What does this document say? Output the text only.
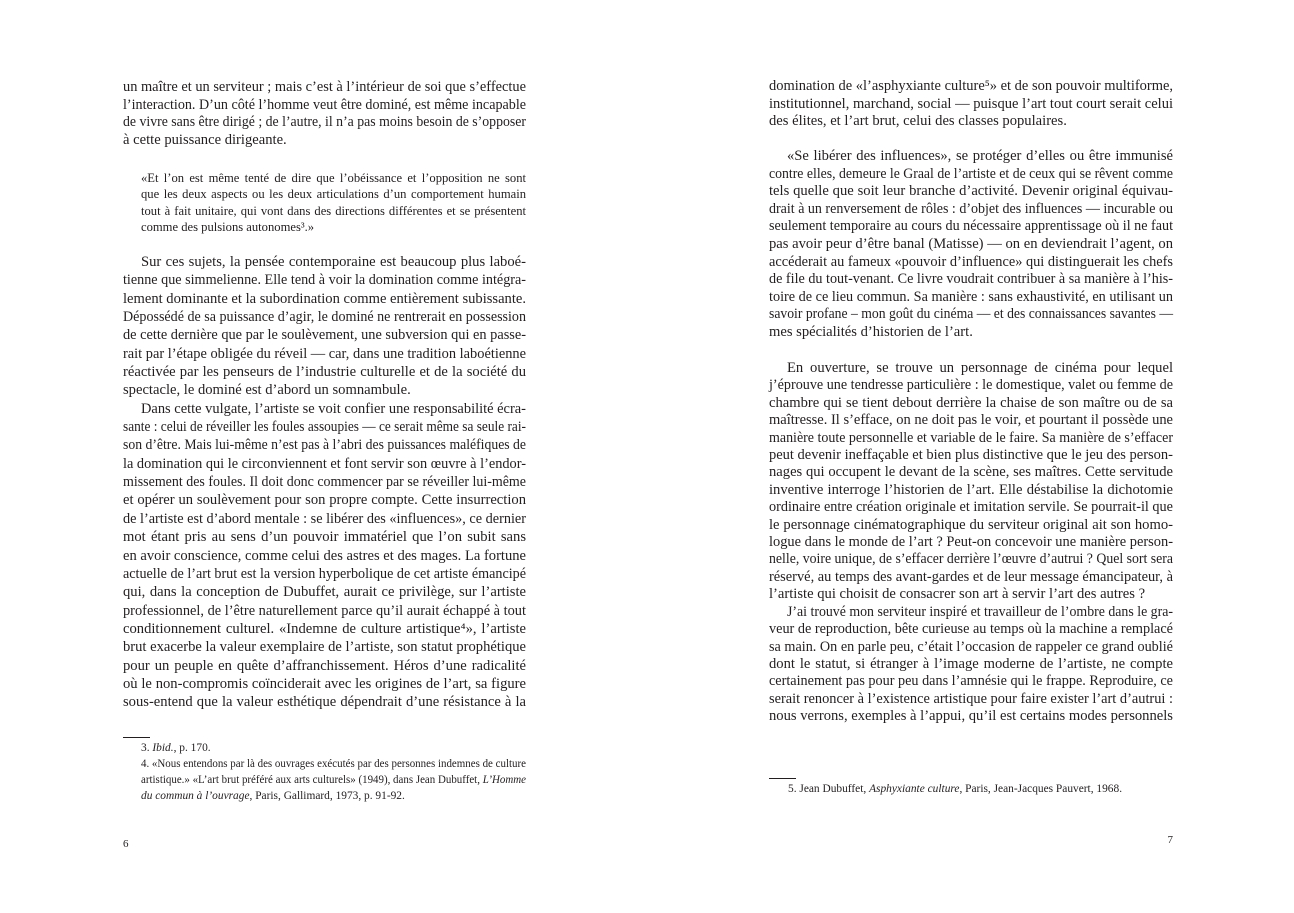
un maître et un serviteur ; mais c’est à l’intérieur de soi que s’effectue
l’interaction. D’un côté l’homme veut être dominé, est même incapable
de vivre sans être dirigé ; de l’autre, il n’a pas moins besoin de s’opposer
à cette puissance dirigeante.
«Et l’on est même tenté de dire que l’obéissance et l’opposition ne sont
que les deux aspects ou les deux articulations d’un comportement humain
tout à fait unitaire, qui vont dans des directions différentes et se présentent
comme des pulsions autonomes³.»
Sur ces sujets, la pensée contemporaine est beaucoup plus laboé-
tienne que simmelienne. Elle tend à voir la domination comme intégra-
lement dominante et la subordination comme entièrement subissante.
Dépossédé de sa puissance d’agir, le dominé ne rentrerait en possession
de cette dernière que par le soulèvement, une subversion qui en passe-
rait par l’étape obligée du réveil — car, dans une tradition laboétienne
réactivée par les penseurs de l’industrie culturelle et de la société du
spectacle, le dominé est d’abord un somnambule.
Dans cette vulgate, l’artiste se voit confier une responsabilité écra-
sante : celui de réveiller les foules assoupies — ce serait même sa seule rai-
son d’être. Mais lui-même n’est pas à l’abri des puissances maléfiques de
la domination qui le circonviennent et font servir son œuvre à l’endor-
missement des foules. Il doit donc commencer par se réveiller lui-même
et opérer un soulèvement pour son propre compte. Cette insurrection
de l’artiste est d’abord mentale : se libérer des «influences», ce dernier
mot étant pris au sens d’un pouvoir immatériel que l’on subit sans
en avoir conscience, comme celui des astres et des mages. La fortune
actuelle de l’art brut est la version hyperbolique de cet artiste émancipé
qui, dans la conception de Dubuffet, aurait ce privilège, sur l’artiste
professionnel, de l’être naturellement parce qu’il aurait échappé à tout
conditionnement culturel. «Indemne de culture artistique⁴», l’artiste
brut exacerbe la valeur exemplaire de l’artiste, son statut prophétique
pour un peuple en quête d’affranchissement. Héros d’une radicalité
où le non-compromis coïnciderait avec les origines de l’art, sa figure
sous-entend que la valeur esthétique dépendrait d’une résistance à la
3. Ibid., p. 170.
4. «Nous entendons par là des ouvrages exécutés par des personnes indemnes de culture
artistique.» «L’art brut préféré aux arts culturels» (1949), dans Jean Dubuffet, L’Homme
du commun à l’ouvrage, Paris, Gallimard, 1973, p. 91-92.
6
domination de «l’asphyxiante culture⁵» et de son pouvoir multiforme,
institutionnel, marchand, social — puisque l’art tout court serait celui
des élites, et l’art brut, celui des classes populaires.
«Se libérer des influences», se protéger d’elles ou être immunisé
contre elles, demeure le Graal de l’artiste et de ceux qui se rêvent comme
tels quelle que soit leur branche d’activité. Devenir original équivau-
drait à un renversement de rôles : d’objet des influences — incurable ou
seulement temporaire au cours du nécessaire apprentissage où il ne faut
pas avoir peur d’être banal (Matisse) — on en deviendrait l’agent, on
accéderait au fameux «pouvoir d’influence» qui distinguerait les chefs
de file du tout-venant. Ce livre voudrait contribuer à sa manière à l’his-
toire de ce lieu commun. Sa manière : sans exhaustivité, en utilisant un
savoir profane – mon goût du cinéma — et des connaissances savantes —
mes spécialités d’historien de l’art.
En ouverture, se trouve un personnage de cinéma pour lequel
j’éprouve une tendresse particulière : le domestique, valet ou femme de
chambre qui se tient debout derrière la chaise de son maître ou de sa
maîtresse. Il s’efface, on ne doit pas le voir, et pourtant il possède une
manière toute personnelle et variable de le faire. Sa manière de s’effacer
peut devenir ineffaçable et bien plus distinctive que le jeu des person-
nages qui occupent le devant de la scène, ses maîtres. Cette servitude
inventive interroge l’historien de l’art. Elle déstabilise la dichotomie
ordinaire entre création originale et imitation servile. Se pourrait-il que
le personnage cinématographique du serviteur original ait son homo-
logue dans le monde de l’art ? Peut-on concevoir une manière person-
nelle, voire unique, de s’effacer derrière l’œuvre d’autrui ? Quel sort sera
réservé, au temps des avant-gardes et de leur message émancipateur, à
l’artiste qui choisit de consacrer son art à servir l’art des autres ?
J’ai trouvé mon serviteur inspiré et travailleur de l’ombre dans le gra-
veur de reproduction, bête curieuse au temps où la machine a remplacé
sa main. On en parle peu, c’était l’occasion de rappeler ce grand oublié
dont le statut, si étranger à l’image moderne de l’artiste, ne compte
certainement pas pour peu dans l’amnésie qui le frappe. Reproduire, ce
serait renoncer à l’existence artistique pour faire exister l’art d’autrui :
nous verrons, exemples à l’appui, qu’il est certains modes personnels
5. Jean Dubuffet, Asphyxiante culture, Paris, Jean-Jacques Pauvert, 1968.
7
